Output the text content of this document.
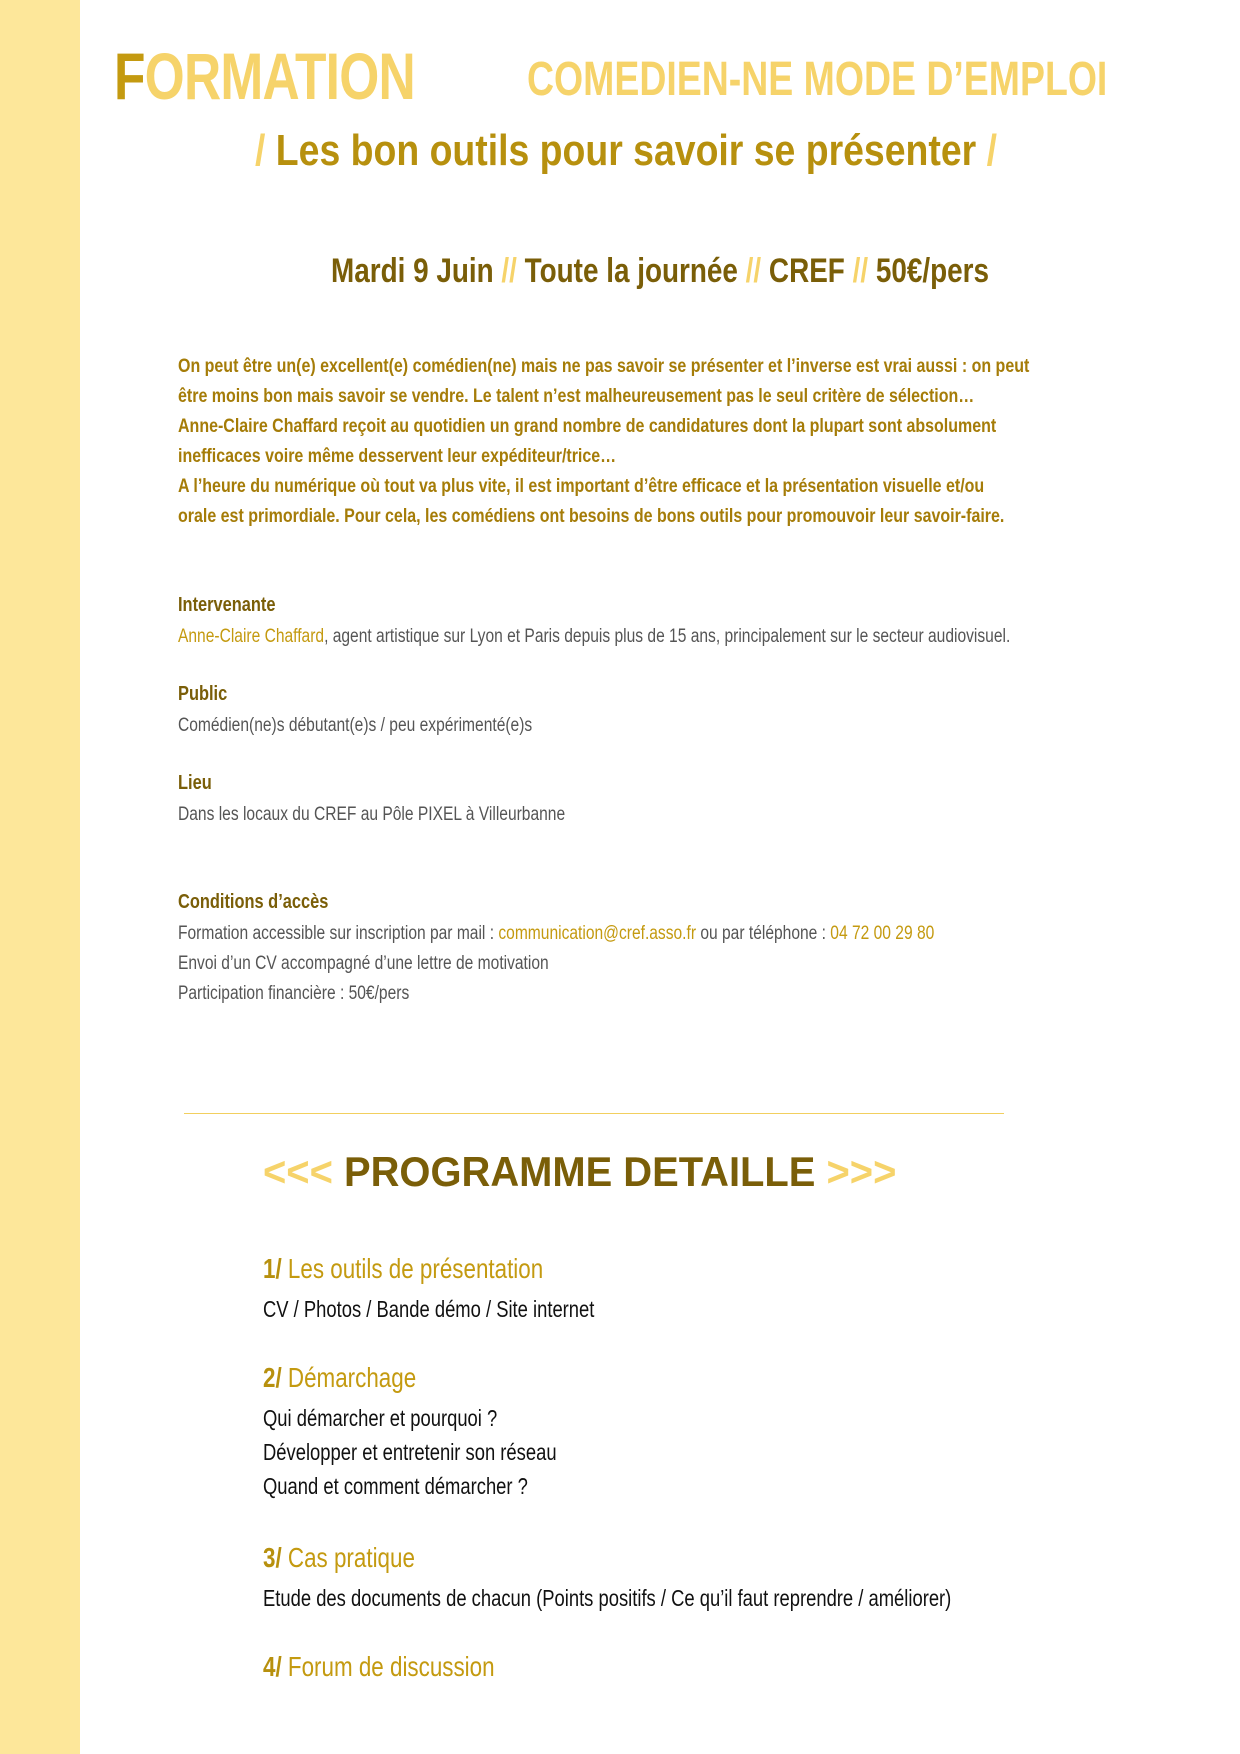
FORMATION COMEDIEN-NE MODE D’EMPLOI
/ Les bon outils pour savoir se présenter /
Mardi 9 Juin // Toute la journée // CREF // 50€/pers

On peut être un(e) excellent(e) comédien(ne) mais ne pas savoir se présenter et l’inverse est vrai aussi : on peut

être moins bon mais savoir se vendre. Le talent n’est malheureusement pas le seul critère de sélection…

Anne-Claire Chaffard reçoit au quotidien un grand nombre de candidatures dont la plupart sont absolument

inefficaces voire même desservent leur expéditeur/trice…

A l’heure du numérique où tout va plus vite, il est important d’être efficace et la présentation visuelle et/ou

orale est primordiale. Pour cela, les comédiens ont besoins de bons outils pour promouvoir leur savoir-faire.

Intervenante

Anne-Claire Chaffard, agent artistique sur Lyon et Paris depuis plus de 15 ans, principalement sur le secteur audiovisuel.

Public

Comédien(ne)s débutant(e)s / peu expérimenté(e)s

Lieu

Dans les locaux du CREF au Pôle PIXEL à Villeurbanne

Conditions d’accès

Formation accessible sur inscription par mail : communication@cref.asso.fr ou par téléphone : 04 72 00 29 80

Envoi d’un CV accompagné d’une lettre de motivation

Participation financière : 50€/pers

<<< PROGRAMME DETAILLE >>>
1/ Les outils de présentation

CV / Photos / Bande démo / Site internet

2/ Démarchage

Qui démarcher et pourquoi ?

Développer et entretenir son réseau

Quand et comment démarcher ?

3/ Cas pratique

Etude des documents de chacun (Points positifs / Ce qu’il faut reprendre / améliorer)

4/ Forum de discussion
